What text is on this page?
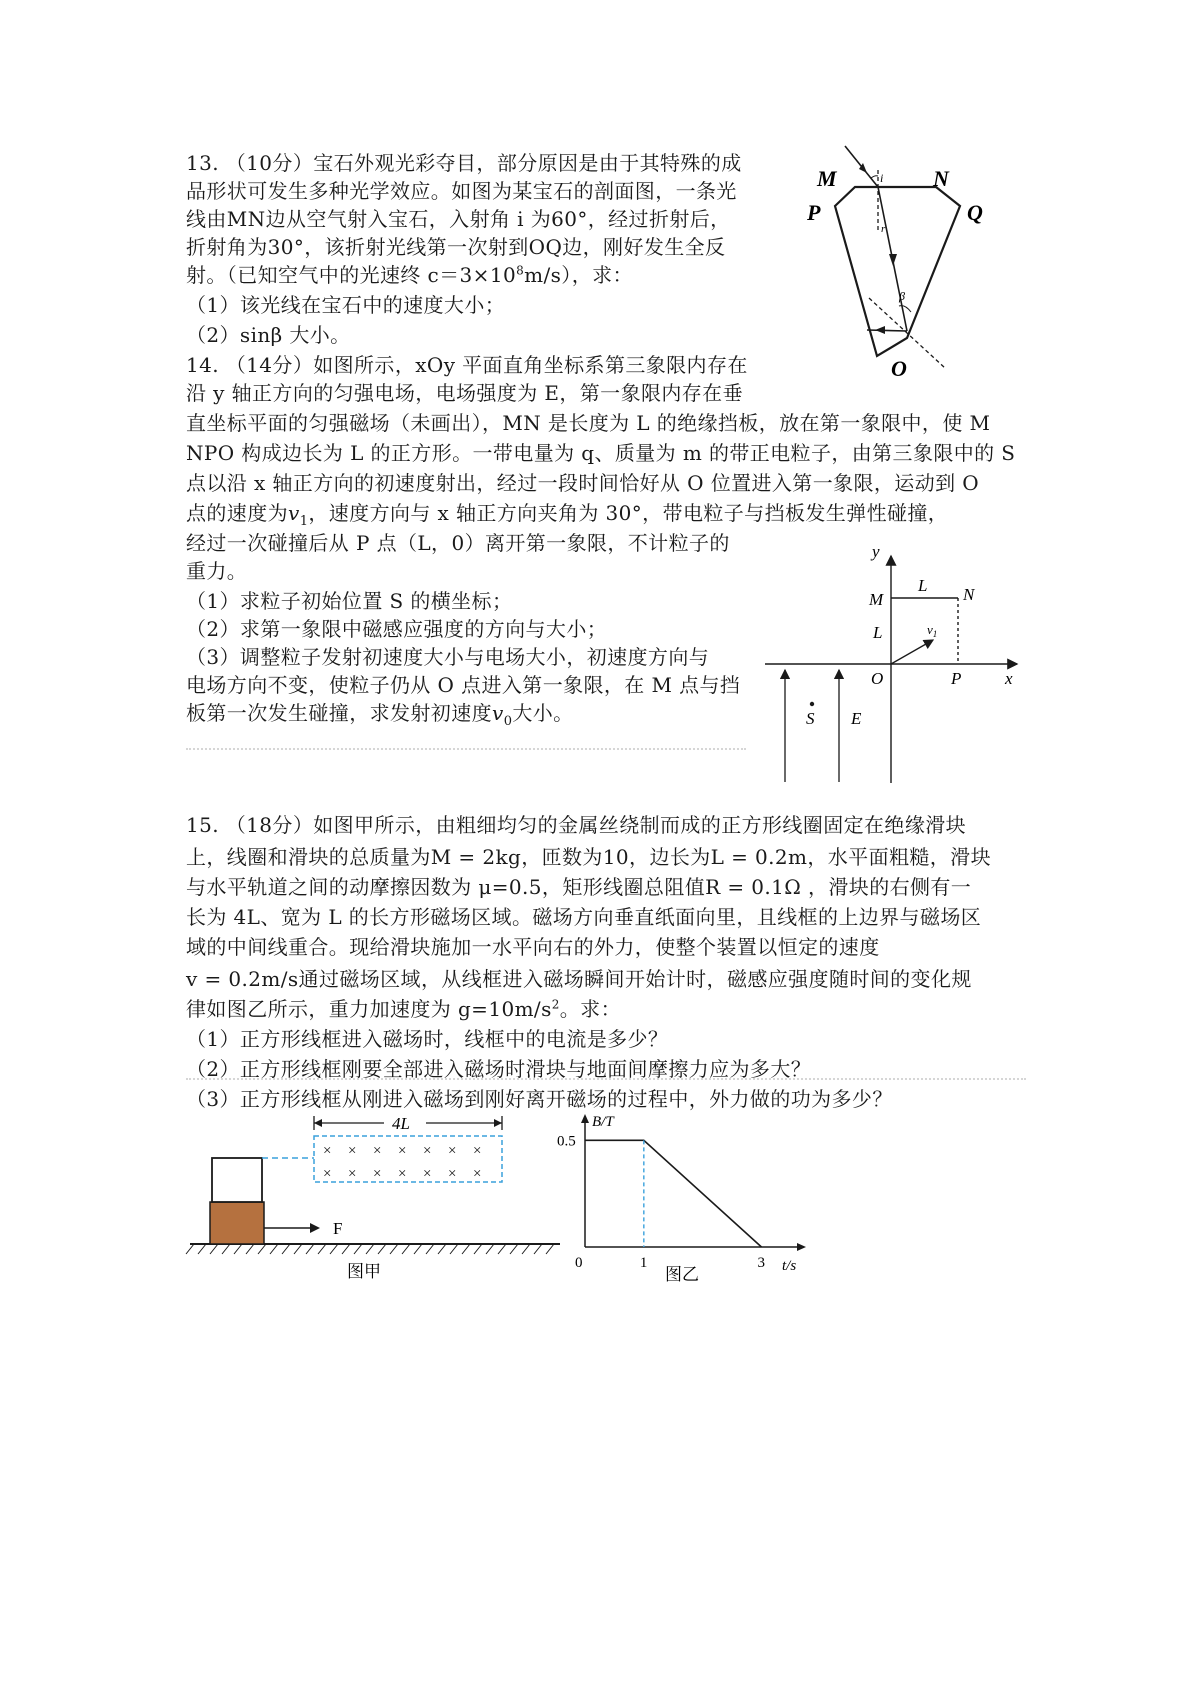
13. （10分）宝石外观光彩夺目，部分原因是由于其特殊的成
品形状可发生多种光学效应。如图为某宝石的剖面图，一条光
线由MN边从空气射入宝石，入射角 i 为60°，经过折射后，
折射角为30°，该折射光线第一次射到OQ边，刚好发生全反
射。（已知空气中的光速终 $c=3\times 10^8m/s$），求：
（1）该光线在宝石中的速度大小；
（2）sinβ 大小。
M	N
P	Q
O
i
r
β
14. （14分）如图所示，xOy 平面直角坐标系第三象限内存在
沿 y 轴正方向的匀强电场，电场强度为 E，第一象限内存在垂
直坐标平面的匀强磁场（未画出），MN 是长度为 L 的绝缘挡板，放在第一象限中，使 M
NPO 构成边长为 L 的正方形。一带电量为 q、质量为 m 的带正电粒子，由第三象限中的 S
点以沿 x 轴正方向的初速度射出，经过一段时间恰好从 O 位置进入第一象限，运动到 O
点的速度为$v_1$，速度方向与 x 轴正方向夹角为 30°，带电粒子与挡板发生弹性碰撞，
经过一次碰撞后从 P 点（L，0）离开第一象限，不计粒子的
重力。
（1）求粒子初始位置 S 的横坐标；
（2）求第一象限中磁感应强度的方向与大小；
（3）调整粒子发射初速度大小与电场大小，初速度方向与
电场方向不变，使粒子仍从 O 点进入第一象限，在 M 点与挡
板第一次发生碰撞，求发射初速度$v_0$大小。
y
x
M	N
L
L	$v_1$
O	P
S E
15. （18分）如图甲所示，由粗细均匀的金属丝绕制而成的正方形线圈固定在绝缘滑块
上，线圈和滑块的总质量为M = 2kg，匝数为10，边长为L = 0.2m，水平面粗糙，滑块
与水平轨道之间的动摩擦因数为 μ=0.5，矩形线圈总阻值R = 0.1Ω ，滑块的右侧有一
长为 4L、宽为 L 的长方形磁场区域。磁场方向垂直纸面向里，且线框的上边界与磁场区
域的中间线重合。现给滑块施加一水平向右的外力，使整个装置以恒定的速度
v = 0.2m/s通过磁场区域，从线框进入磁场瞬间开始计时，磁感应强度随时间的变化规
律如图乙所示，重力加速度为 $g=10m/s^2$。求：
（1）正方形线框进入磁场时，线框中的电流是多少？
（2）正方形线框刚要全部进入磁场时滑块与地面间摩擦力应为多大？
（3）正方形线框从刚进入磁场到刚好离开磁场的过程中，外力做的功为多少？
F
× × × × × × ×
× × × × × × ×
4L
图甲
0.5
0	1	3
B/T
t/s
图乙
